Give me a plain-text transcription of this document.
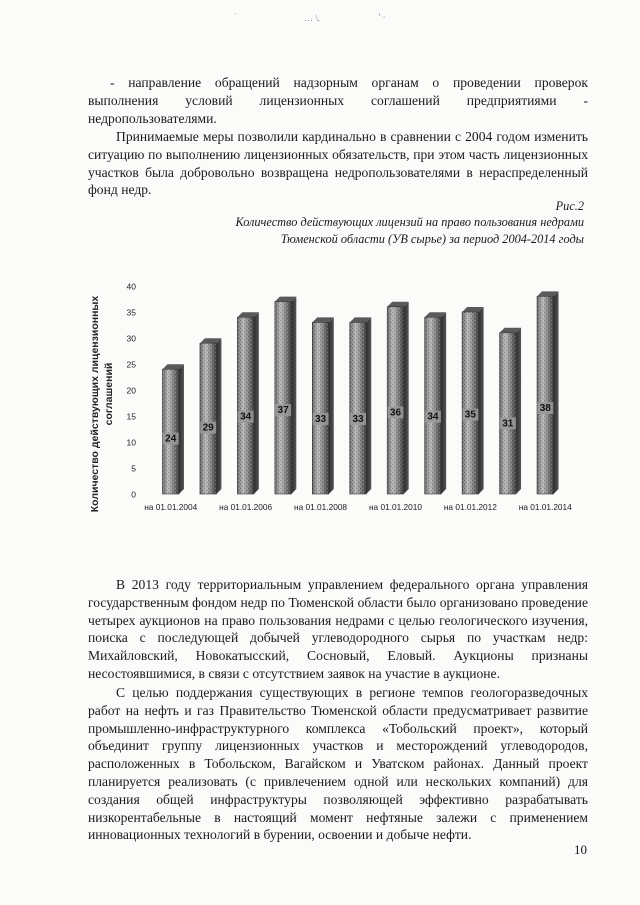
˙	… \.	’ ·

- направление обращений надзорным органам о проведении проверок выполнения условий лицензионных соглашений предприятиями - недропользователями.

Принимаемые меры позволили кардинально в сравнении с 2004 годом изменить ситуацию по выполнению лицензионных обязательств, при этом часть лицензионных участков была добровольно возвращена недропользователями в нераспределенный фонд недр.

Рис.2
Количество действующих лицензий на право пользования недрами
Тюменской области (УВ сырье) за период 2004-2014 годы
Количество действующих лицензионных соглашений
0
5
10
15
20
25
30
35
40
24
29
34
37
33	33
36	34	35
31
38
на 01.01.2004	на 01.01.2006	на 01.01.2008	на 01.01.2010	на 01.01.2012	на 01.01.2014

В 2013 году территориальным управлением федерального органа управления государственным фондом недр по Тюменской области было организовано проведение четырех аукционов на право пользования недрами с целью геологического изучения, поиска с последующей добычей углеводородного сырья по участкам недр: Михайловский, Новокатысский, Сосновый, Еловый. Аукционы признаны несостоявшимися, в связи с отсутствием заявок на участие в аукционе.

С целью поддержания существующих в регионе темпов геологоразведочных работ на нефть и газ Правительство Тюменской области предусматривает развитие промышленно-инфраструктурного комплекса «Тобольский проект», который объединит группу лицензионных участков и месторождений углеводородов, расположенных в Тобольском, Вагайском и Уватском районах. Данный проект планируется реализовать (с привлечением одной или нескольких компаний) для создания общей инфраструктуры позволяющей эффективно разрабатывать низкорентабельные в настоящий момент нефтяные залежи с применением инновационных технологий в бурении, освоении и добыче нефти.

10
